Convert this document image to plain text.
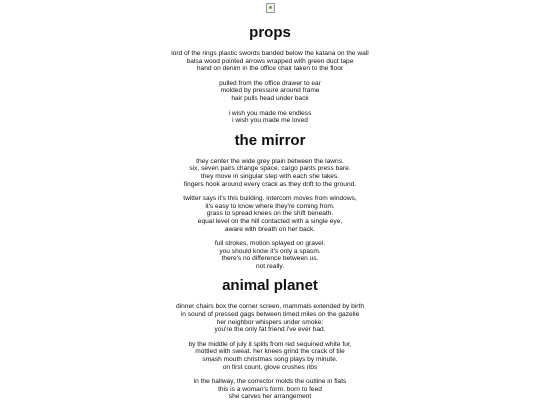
props
lord of the rings plastic swords banded below the katana on the wall
balsa wood pointed arrows wrapped with green duct tape
hand on denim in the office chair taken to the floor
pulled from the office drawer to ear
molded by pressure around frame
hair pulls head under back
i wish you made me endless
i wish you made me loved
the mirror
they center the wide grey plain between the lawns.
six, seven pairs change space. cargo pants press bare.
they move in singular step with each she takes.
fingers hook around every crack as they drift to the ground.
twitter says it's this building. intercom moves from windows,
it's easy to know where they're coming from.
grass to spread knees on the shift beneath.
equal level on the hill contacted with a single eye,
aware with breath on her back.
full strokes, motion splayed on gravel.
you should know it's only a spasm.
there's no difference between us.
not really.
animal planet
dinner chairs box the corner screen, mammals extended by birth
in sound of pressed gags between timed miles on the gazelle
her neighbor whispers under smoke:
you're the only fat friend i've ever had.
by the middle of july it spills from red sequined white fur,
mottled with sweat. her knees grind the crack of tile
smash mouth christmas song plays by minute.
on first count, glove crushes ribs
in the hallway, the corrector molds the outline in flats
this is a woman's form. born to feed
she carves her arrangement
